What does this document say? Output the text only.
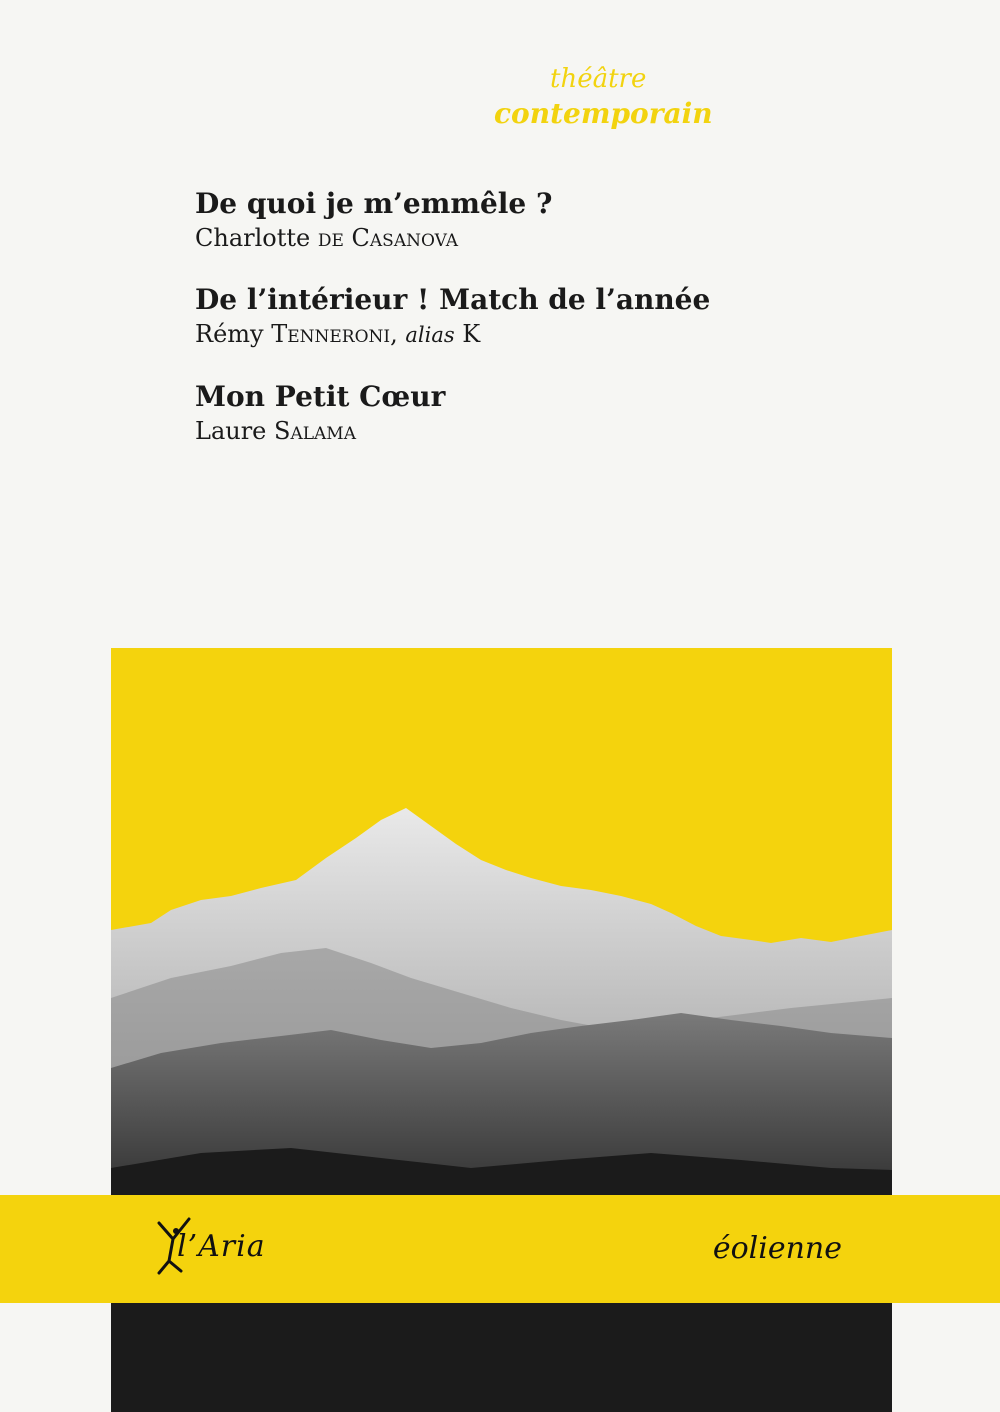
théâtre
contemporain
De quoi je m’emmêle ?
Charlotte de Casanova
De l’intérieur ! Match de l’année
Rémy Tenneroni, alias K
Mon Petit Cœur
Laure Salama
l’Aria	éolienne
